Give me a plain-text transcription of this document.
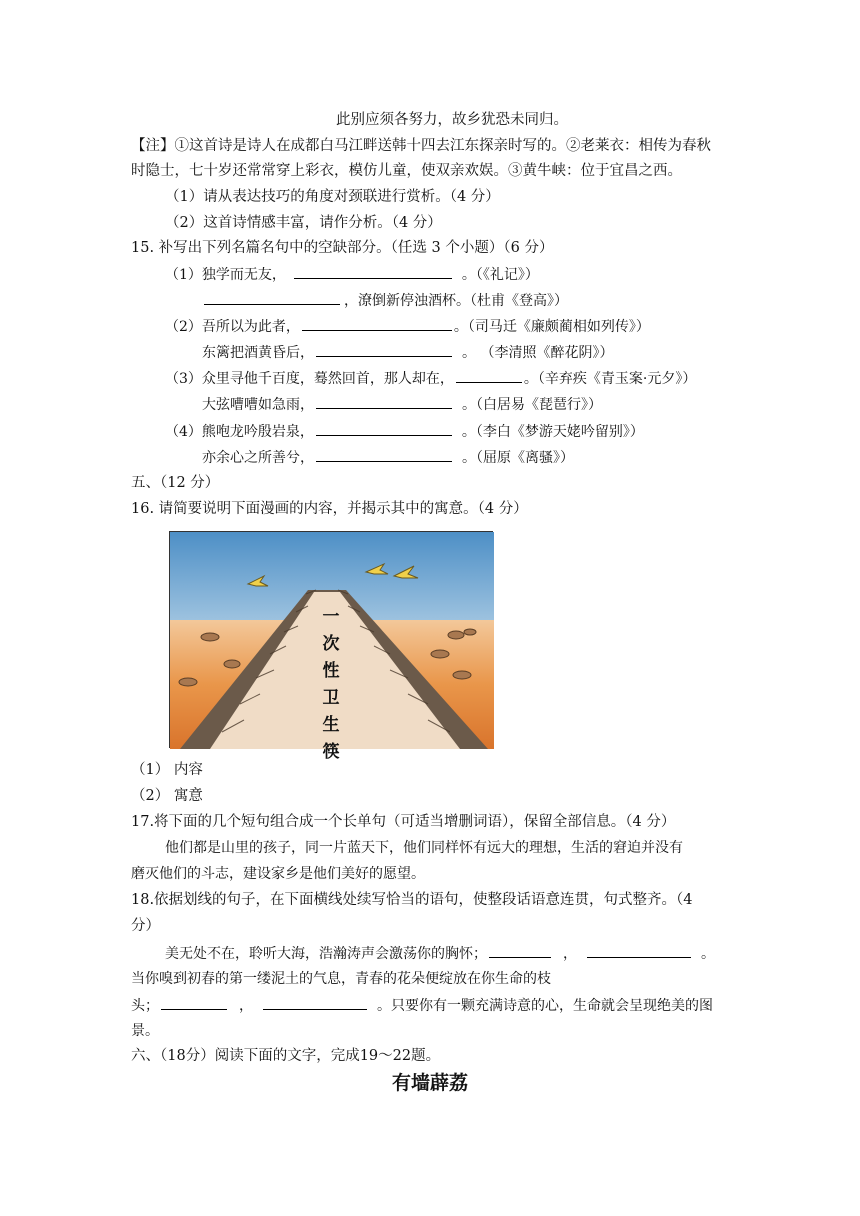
此别应须各努力，故乡犹恐未同归。
【注】①这首诗是诗人在成都白马江畔送韩十四去江东探亲时写的。②老莱衣：相传为春秋
时隐士，七十岁还常常穿上彩衣，模仿儿童，使双亲欢娱。③黄牛峡：位于宜昌之西。
（1）请从表达技巧的角度对颈联进行赏析。（4 分）
（2）这首诗情感丰富，请作分析。（4 分）
15. 补写出下列名篇名句中的空缺部分。（任选 3 个小题）（6 分）
（1）独学而无友，	。（《礼记》）
，潦倒新停浊酒杯。（杜甫《登高》）
（2）吾所以为此者，	。（司马迁《廉颇蔺相如列传》）
东篱把酒黄昏后，	。 （李清照《醉花阴》）
（3）众里寻他千百度，蓦然回首，那人却在，	。（辛弃疾《青玉案·元夕》）
大弦嘈嘈如急雨，	。（白居易《琵琶行》）
（4）熊咆龙吟殷岩泉，	。（李白《梦游天姥吟留别》）
亦余心之所善兮，	。（屈原《离骚》）
五、（12 分）
16. 请简要说明下面漫画的内容，并揭示其中的寓意。（4 分）
一
次
性
卫
生
筷
（1） 内容
（2） 寓意
17.将下面的几个短句组合成一个长单句（可适当增删词语），保留全部信息。（4 分）
他们都是山里的孩子，同一片蓝天下，他们同样怀有远大的理想，生活的窘迫并没有
磨灭他们的斗志，建设家乡是他们美好的愿望。
18.依据划线的句子，在下面横线处续写恰当的语句，使整段话语意连贯，句式整齐。（4
分）
美无处不在，聆听大海，浩瀚涛声会激荡你的胸怀；	，	。
当你嗅到初春的第一缕泥土的气息，青春的花朵便绽放在你生命的枝
头；	，	。只要你有一颗充满诗意的心，生命就会呈现绝美的图
景。
六、（18分）阅读下面的文字，完成19～22题。
有墙薜荔
